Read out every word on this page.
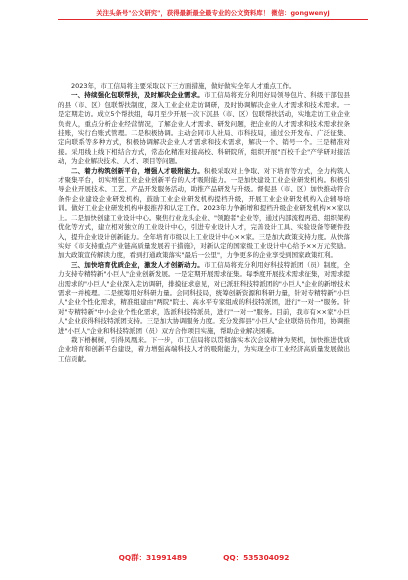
关注头条号"公文研究"，获得最新最全最专业的公文资料库！ 微信：gongwenyj

2023年，市工信局将主要采取以下三方面措施，做好做实全年人才重点工作。

一、持续强化包联帮扶，及时解决企业需求。市工信局将充分利用好局领导包片、科级干部包县的县（市、区）包联帮扶制度，深入工业企业走访调研，及时协调解决企业人才需求和技术需求。一是定期走访。成立5个帮扶组，每月至少开展一次下沉县（市、区）包联帮扶活动，实地走访工业企业负责人，重点分析企业经营情况，了解企业人才需求、研发问题，把企业的人才需求和技术需求拉条挂账，实行台账式管理。二是积极协调。主动会同市人社局、市科技局，通过公开发布、广泛征集、定向联系等多种方式，积极协调解决企业人才需求和技术需求，解决一个、销号一个。三是精准对接。采用线上线下相结合方式，常态化精准对接高校、科研院所，组织开展"百校千企"产学研对接活动，为企业解决技术、人才、项目等问题。

二、着力构筑创新平台，增强人才吸附能力。积极采取对上争取、对下培育等方式，全力构筑人才聚集平台，切实增强工业企业创新平台的人才吸附能力。一是加快建设工业企业研发机构。积极引导企业开展技术、工艺、产品开发服务活动，助推产品研发与升级。督促县（市、区）加快推动符合条件企业建设企业研发机构，鼓励工业企业研发机构提档升级，开展工业企业研发机构入企辅导培训。做好工业企业研发机构申报推荐和认定工作。2023年力争新增和提档升级企业研发机构××家以上。二是加快创建工业设计中心。聚焦行业龙头企业、"领跑者"企业等，通过内部流程再造、组织架构优化等方式，建立相对独立的工业设计中心，引进专业设计人才，完善设计工具、实验设备等硬件投入，提升企业设计创新能力。全年培育市级以上工业设计中心××家。三是加大政策支持力度。从快落实好《市支持重点产业链高质量发展若干措施》，对新认定的国家级工业设计中心给予××万元奖励。加大政策宣传解读力度，看到打通政策落实"最后一公里"，力争更多的企业享受到国家政策红利。

三、加快培育优质企业，激发人才创新动力。市工信局将充分利用好科技特派团（员）制度，全力支持专精特新"小巨人"企业创新发展。一是定期开展需求征集。每季度开展技术需求征集，对需求提出需求的"小巨人"企业深入走访调研，排摸征求意见，对已派驻科技特派团的"小巨人"企业的新增技术需求一并梳理。二是统筹用好科研力量。会同科技局，统筹创新资源和科研力量，针对专精特新"小巨人"企业个性化需求，精准组建由"两院"院士、高水平专家组成的科技特派团，进行"一对一"服务。针对"专精特新"中小企业个性化需求，选派科技特派员，进行"一对一"服务。目前，我市有××家"小巨人"企业获得科技特派团支持。三是加大协调服务力度。充分发挥县"小巨人"企业联络员作用，协调推进"小巨人"企业和科技特派团（员）双方合作项目实施，帮助企业解决困难。

栽下梧桐树，引得凤凰来。下一步，市工信局将以贯彻落实本次会议精神为契机，加快推进优质企业培育和创新平台建设，着力增强高端科技人才的吸附能力，为实现全市工业经济高质量发展做出工信贡献。

QQ群：31991489	QQ：535304092
